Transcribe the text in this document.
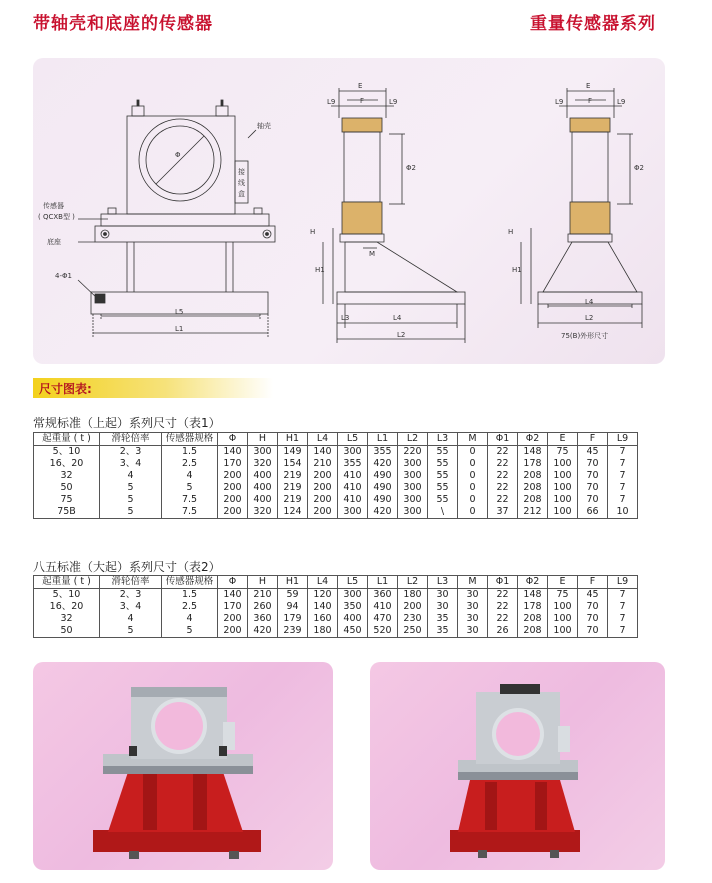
带轴壳和底座的传感器	重量传感器系列
轴壳
传感器
( QCXB型 )
底座
4-Φ1
接
线
盒
Φ
L5
L1
E
F
L9	L9
Φ2
H
H1
M
L3	L4
L2
E
F
L9	L9
Φ2
H
H1
L4
L2
75(B)外形尺寸
尺寸图表:
常规标准（上起）系列尺寸（表1）
起重量 ( t )	滑轮倍率	传感器规格	Φ	H	H1	L4	L5	L1	L2	L3	M	Φ1	Φ2	E	F	L9
5、10	2、3	1.5	140	300	149	140	300	355	220	55	0	22	148	75	45	7
16、20	3、4	2.5	170	320	154	210	355	420	300	55	0	22	178	100	70	7
32	4	4	200	400	219	200	410	490	300	55	0	22	208	100	70	7
50	5	5	200	400	219	200	410	490	300	55	0	22	208	100	70	7
75	5	7.5	200	400	219	200	410	490	300	55	0	22	208	100	70	7
75B	5	7.5	200	320	124	200	300	420	300	\	0	37	212	100	66	10
八五标准（大起）系列尺寸（表2）
起重量 ( t )	滑轮倍率	传感器规格	Φ	H	H1	L4	L5	L1	L2	L3	M	Φ1	Φ2	E	F	L9
5、10	2、3	1.5	140	210	59	120	300	360	180	30	30	22	148	75	45	7
16、20	3、4	2.5	170	260	94	140	350	410	200	30	30	22	178	100	70	7
32	4	4	200	360	179	160	400	470	230	35	30	22	208	100	70	7
50	5	5	200	420	239	180	450	520	250	35	30	26	208	100	70	7
